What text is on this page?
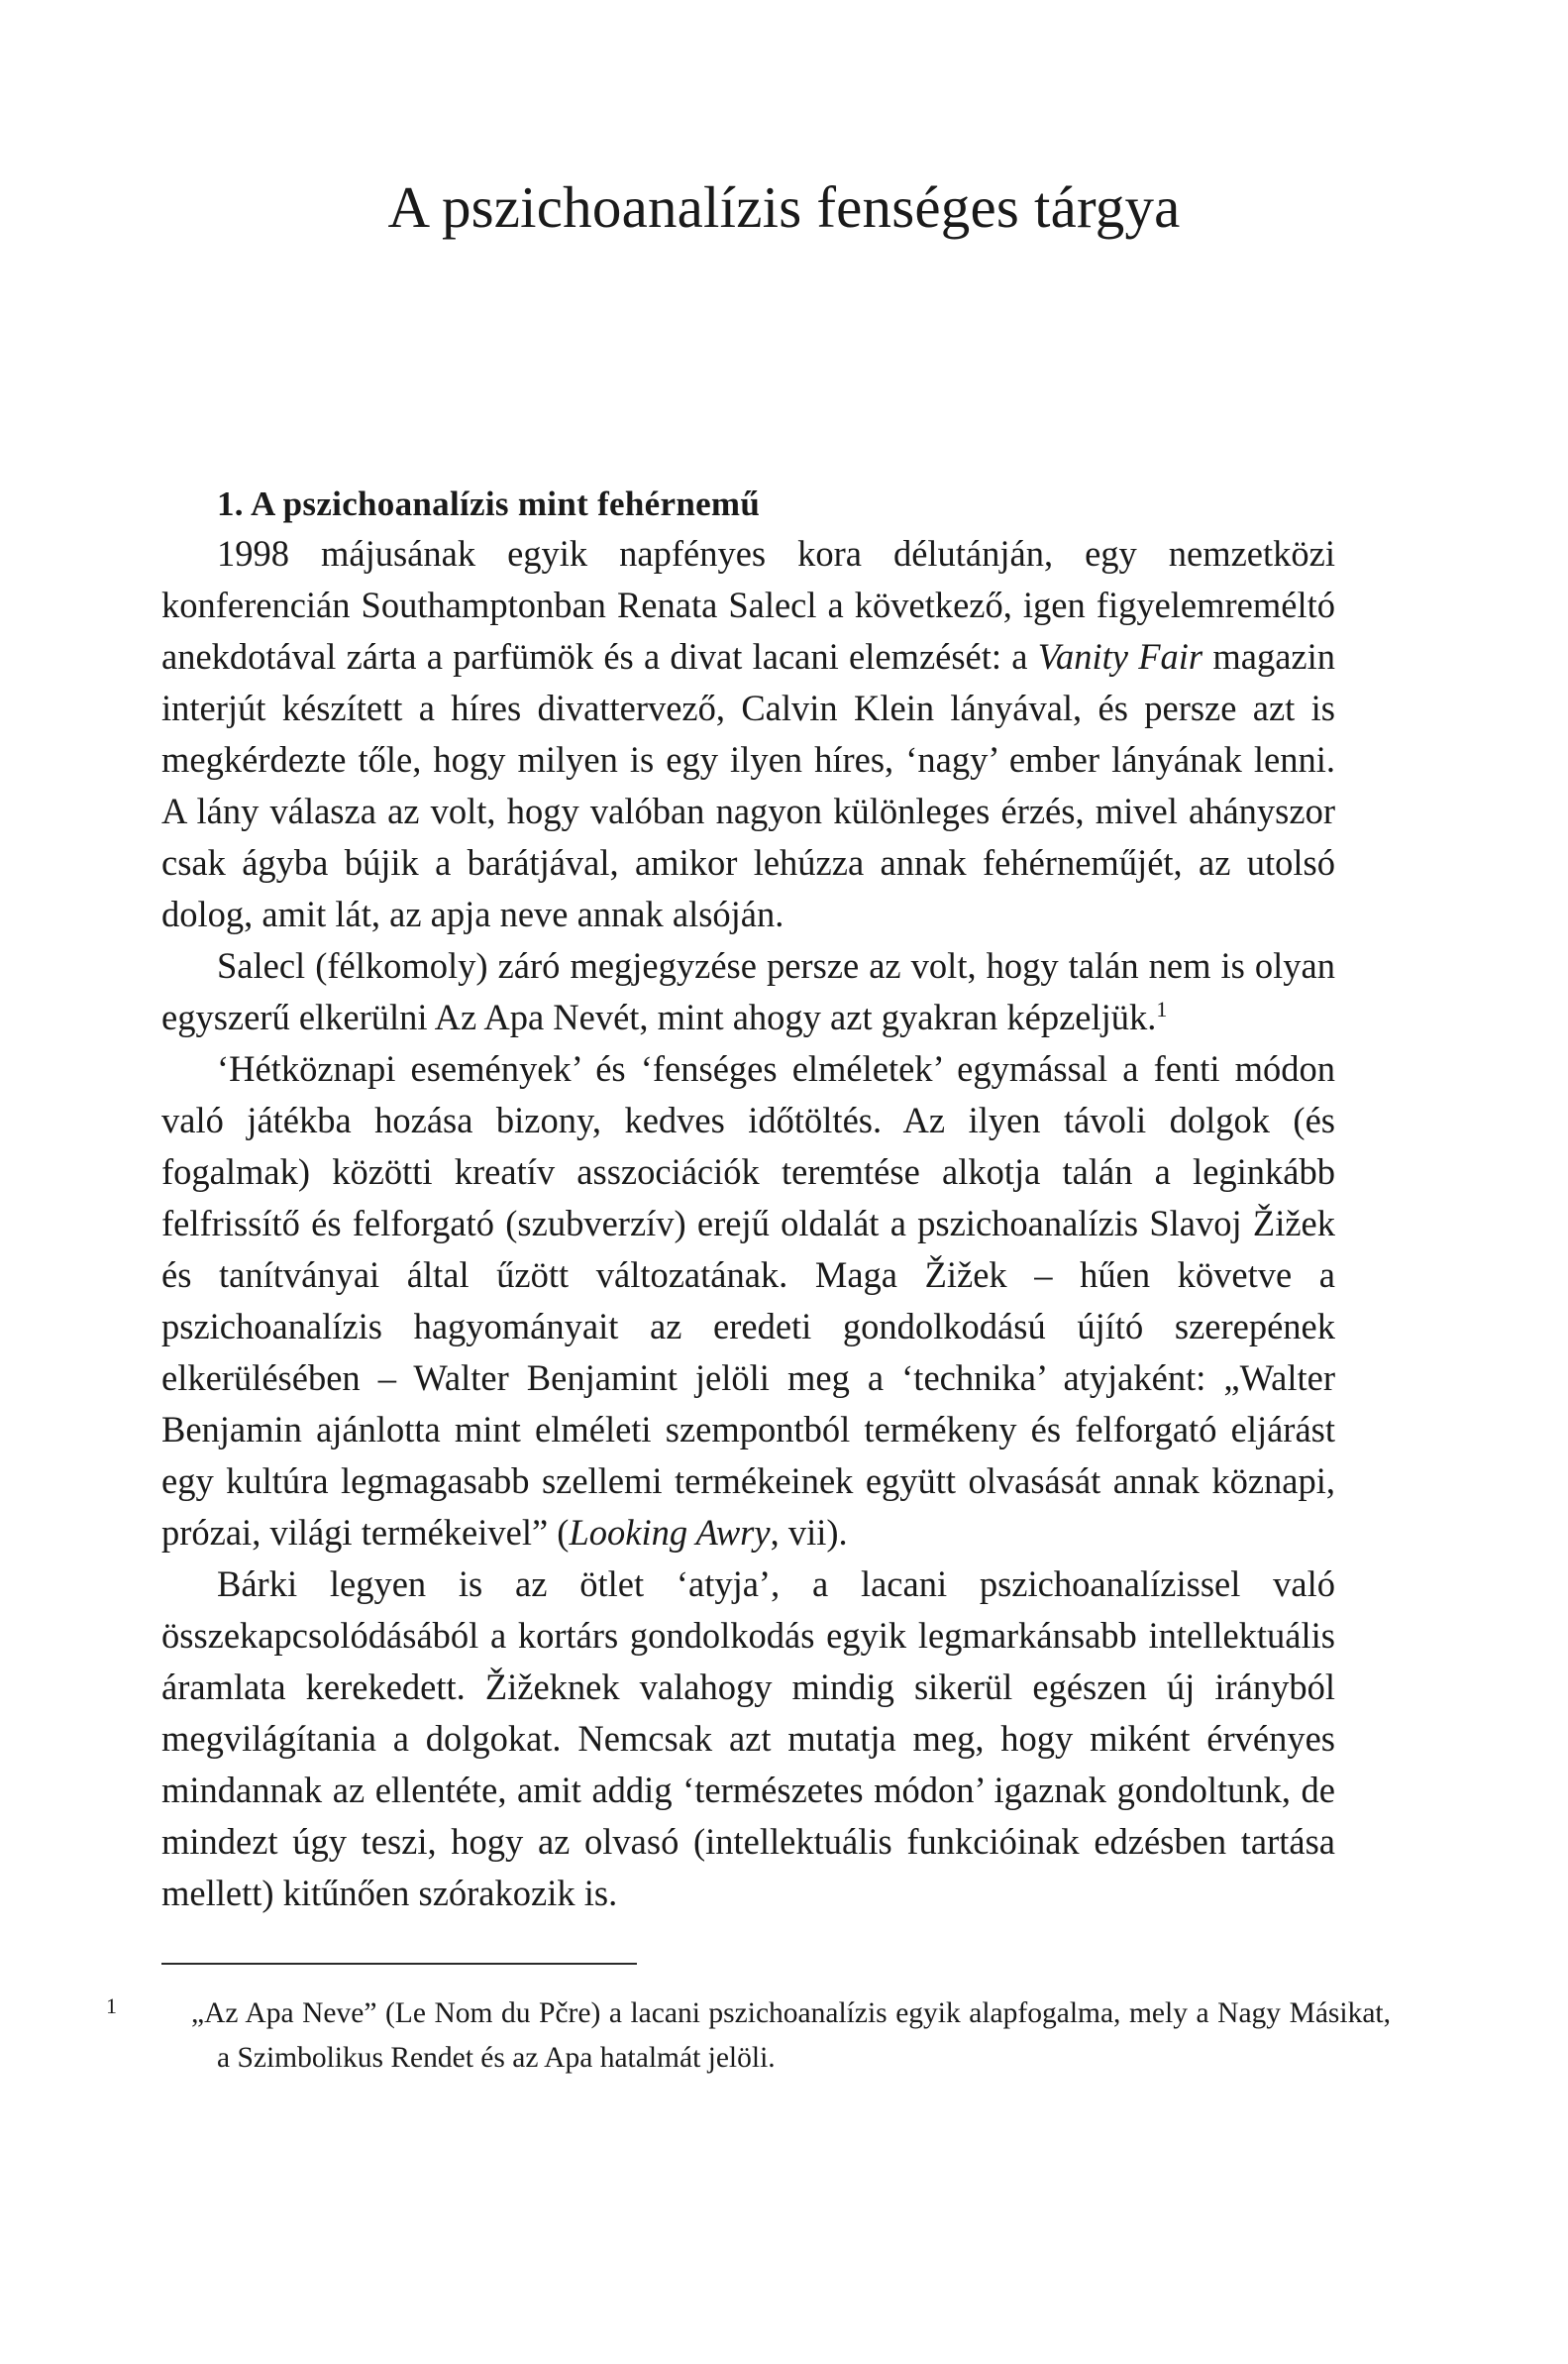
A pszichoanalízis fenséges tárgya
1. A pszichoanalízis mint fehérnemű

1998 májusának egyik napfényes kora délutánján, egy nemzetközi konferencián Southamptonban Renata Salecl a következő, igen figyelemreméltó anekdotával zárta a parfümök és a divat lacani elemzését: a Vanity Fair magazin interjút készített a híres divattervező, Calvin Klein lányával, és persze azt is megkérdezte tőle, hogy milyen is egy ilyen híres, ‘nagy’ ember lányának lenni. A lány válasza az volt, hogy valóban nagyon különleges érzés, mivel ahányszor csak ágyba bújik a barátjával, amikor lehúzza annak fehérneműjét, az utolsó dolog, amit lát, az apja neve annak alsóján.

Salecl (félkomoly) záró megjegyzése persze az volt, hogy talán nem is olyan egyszerű elkerülni Az Apa Nevét, mint ahogy azt gyakran képzeljük.$^1$

‘Hétköznapi események’ és ‘fenséges elméletek’ egymással a fenti módon való játékba hozása bizony, kedves időtöltés. Az ilyen távoli dolgok (és fogalmak) közötti kreatív asszociációk teremtése alkotja talán a leginkább felfrissítő és felforgató (szubverzív) erejű oldalát a pszichoanalízis Slavoj Žižek és tanítványai által űzött változatának. Maga Žižek – hűen követve a pszichoanalízis hagyományait az eredeti gondolkodású újító szerepének elkerülésében – Walter Benjamint jelöli meg a ‘technika’ atyjaként: „Walter Benjamin ajánlotta mint elméleti szempontból termékeny és felforgató eljárást egy kultúra legmagasabb szellemi termékeinek együtt olvasását annak köznapi, prózai, világi termékeivel” (Looking Awry, vii).

Bárki legyen is az ötlet ‘atyja’, a lacani pszichoanalízissel való összekapcsolódásából a kortárs gondolkodás egyik legmarkánsabb intellektuális áramlata kerekedett. Žižeknek valahogy mindig sikerül egészen új irányból megvilágítania a dolgokat. Nemcsak azt mutatja meg, hogy miként érvényes mindannak az ellentéte, amit addig ‘természetes módon’ igaznak gondoltunk, de mindezt úgy teszi, hogy az olvasó (intellektuális funkcióinak edzésben tartása mellett) kitűnően szórakozik is.

1	„Az Apa Neve” (Le Nom du Pčre) a lacani pszichoanalízis egyik alapfogalma, mely a Nagy Másikat, a Szimbolikus Rendet és az Apa hatalmát jelöli.
